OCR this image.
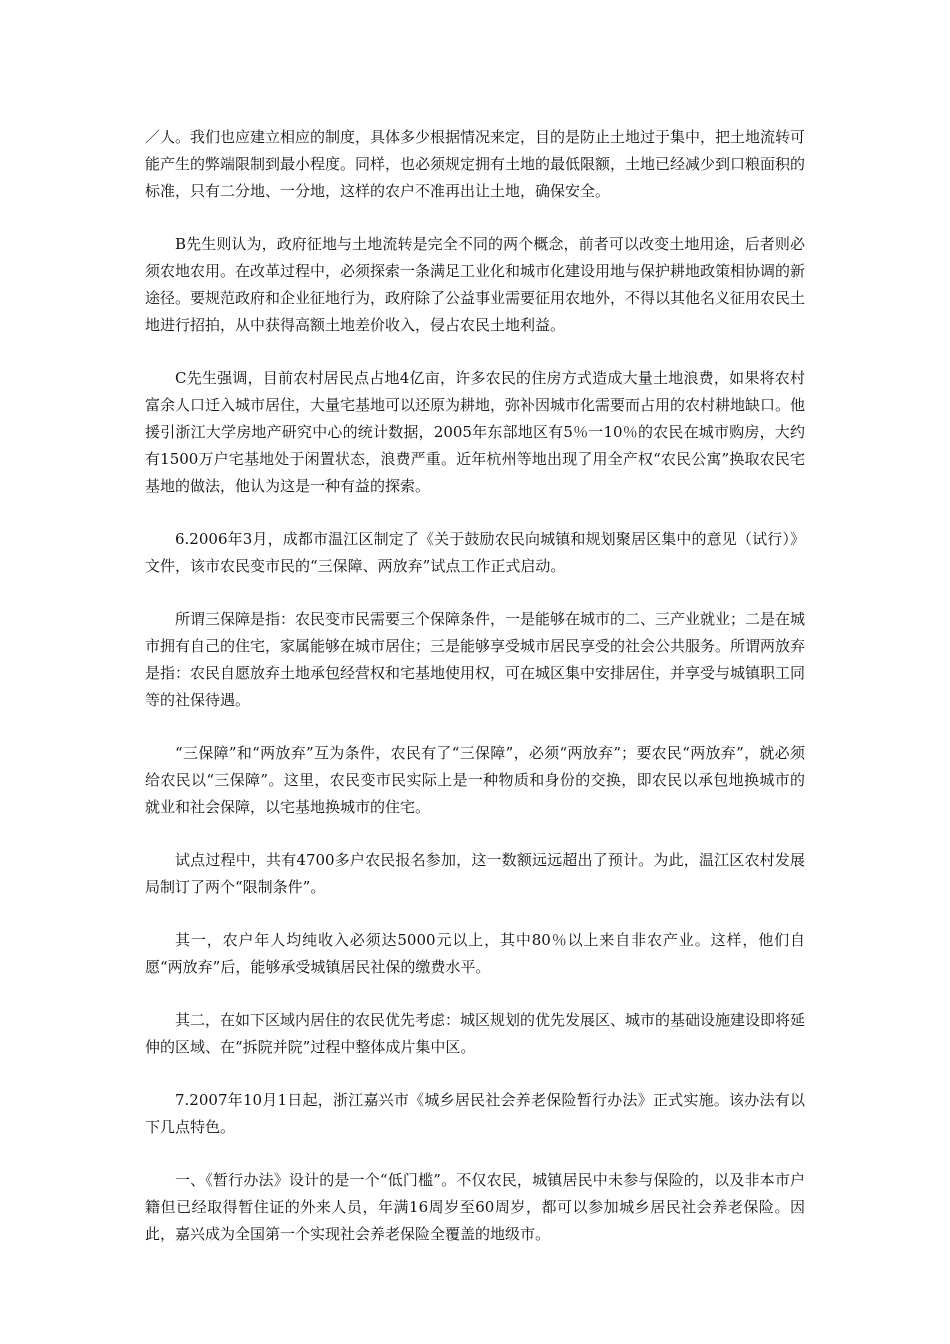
／人。我们也应建立相应的制度，具体多少根据情况来定，目的是防止土地过于集中，把土地流转可能产生的弊端限制到最小程度。同样，也必须规定拥有土地的最低限额，土地已经减少到口粮面积的标准，只有二分地、一分地，这样的农户不准再出让土地，确保安全。

B先生则认为，政府征地与土地流转是完全不同的两个概念，前者可以改变土地用途，后者则必须农地农用。在改革过程中，必须探索一条满足工业化和城市化建设用地与保护耕地政策相协调的新途径。要规范政府和企业征地行为，政府除了公益事业需要征用农地外，不得以其他名义征用农民土地进行招拍，从中获得高额土地差价收入，侵占农民土地利益。

C先生强调，目前农村居民点占地4亿亩，许多农民的住房方式造成大量土地浪费，如果将农村富余人口迁入城市居住，大量宅基地可以还原为耕地，弥补因城市化需要而占用的农村耕地缺口。他援引浙江大学房地产研究中心的统计数据，2005年东部地区有5％一10％的农民在城市购房，大约有1500万户宅基地处于闲置状态，浪费严重。近年杭州等地出现了用全产权“农民公寓”换取农民宅基地的做法，他认为这是一种有益的探索。

6.2006年3月，成都市温江区制定了《关于鼓励农民向城镇和规划聚居区集中的意见（试行）》文件，该市农民变市民的“三保障、两放弃”试点工作正式启动。

所谓三保障是指：农民变市民需要三个保障条件，一是能够在城市的二、三产业就业；二是在城市拥有自己的住宅，家属能够在城市居住；三是能够享受城市居民享受的社会公共服务。所谓两放弃是指：农民自愿放弃土地承包经营权和宅基地使用权，可在城区集中安排居住，并享受与城镇职工同等的社保待遇。

“三保障”和“两放弃”互为条件，农民有了“三保障”，必须“两放弃”；要农民“两放弃”，就必须给农民以“三保障”。这里，农民变市民实际上是一种物质和身份的交换，即农民以承包地换城市的就业和社会保障，以宅基地换城市的住宅。

试点过程中，共有4700多户农民报名参加，这一数额远远超出了预计。为此，温江区农村发展局制订了两个“限制条件”。

其一，农户年人均纯收入必须达5000元以上，其中80％以上来自非农产业。这样，他们自愿“两放弃”后，能够承受城镇居民社保的缴费水平。

其二，在如下区域内居住的农民优先考虑：城区规划的优先发展区、城市的基础设施建设即将延伸的区域、在“拆院并院”过程中整体成片集中区。

7.2007年10月1日起，浙江嘉兴市《城乡居民社会养老保险暂行办法》正式实施。该办法有以下几点特色。

一、《暂行办法》设计的是一个“低门槛”。不仅农民，城镇居民中未参与保险的，以及非本市户籍但已经取得暂住证的外来人员，年满16周岁至60周岁，都可以参加城乡居民社会养老保险。因此，嘉兴成为全国第一个实现社会养老保险全覆盖的地级市。
